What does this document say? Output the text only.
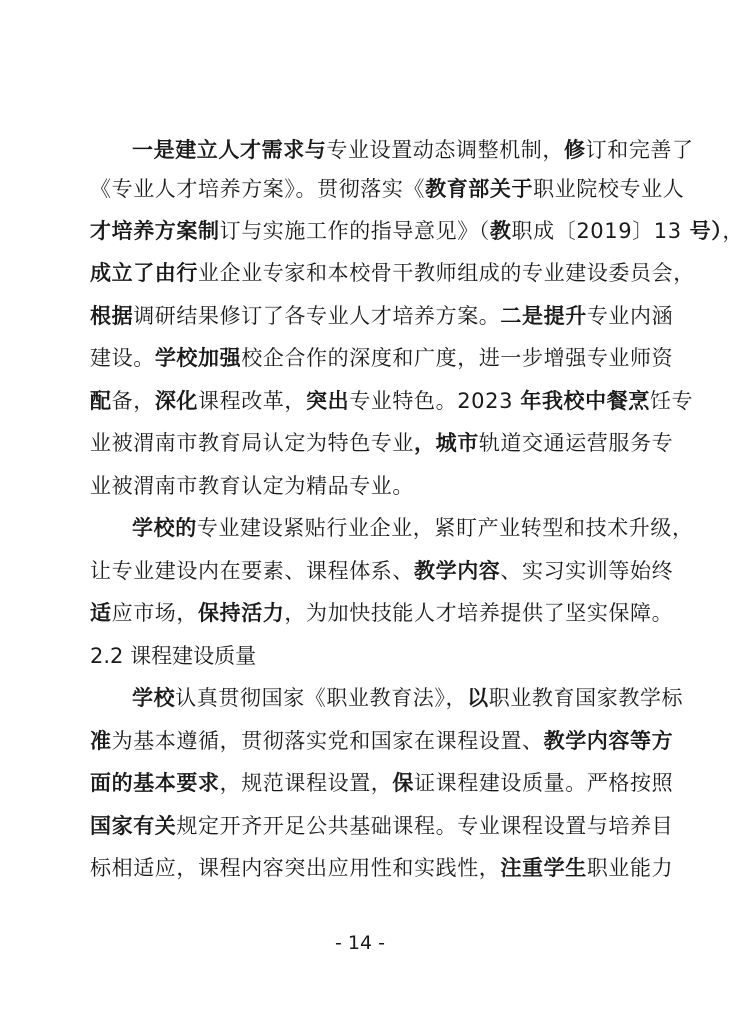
一是建立人才需求与专业设置动态调整机制，修订和完善了
《专业人才培养方案》。贯彻落实《教育部关于职业院校专业人
才培养方案制订与实施工作的指导意见》（教职成〔2019〕13 号），
成立了由行业企业专家和本校骨干教师组成的专业建设委员会，
根据调研结果修订了各专业人才培养方案。二是提升专业内涵
建设。学校加强校企合作的深度和广度，进一步增强专业师资
配备，深化课程改革，突出专业特色。2023 年我校中餐烹饪专
业被渭南市教育局认定为特色专业，城市轨道交通运营服务专
业被渭南市教育认定为精品专业。
学校的专业建设紧贴行业企业，紧盯产业转型和技术升级，
让专业建设内在要素、课程体系、教学内容、实习实训等始终
适应市场，保持活力，为加快技能人才培养提供了坚实保障。
2.2 课程建设质量
学校认真贯彻国家《职业教育法》，以职业教育国家教学标
准为基本遵循，贯彻落实党和国家在课程设置、教学内容等方
面的基本要求，规范课程设置，保证课程建设质量。严格按照
国家有关规定开齐开足公共基础课程。专业课程设置与培养目
标相适应，课程内容突出应用性和实践性，注重学生职业能力
- 14 -
